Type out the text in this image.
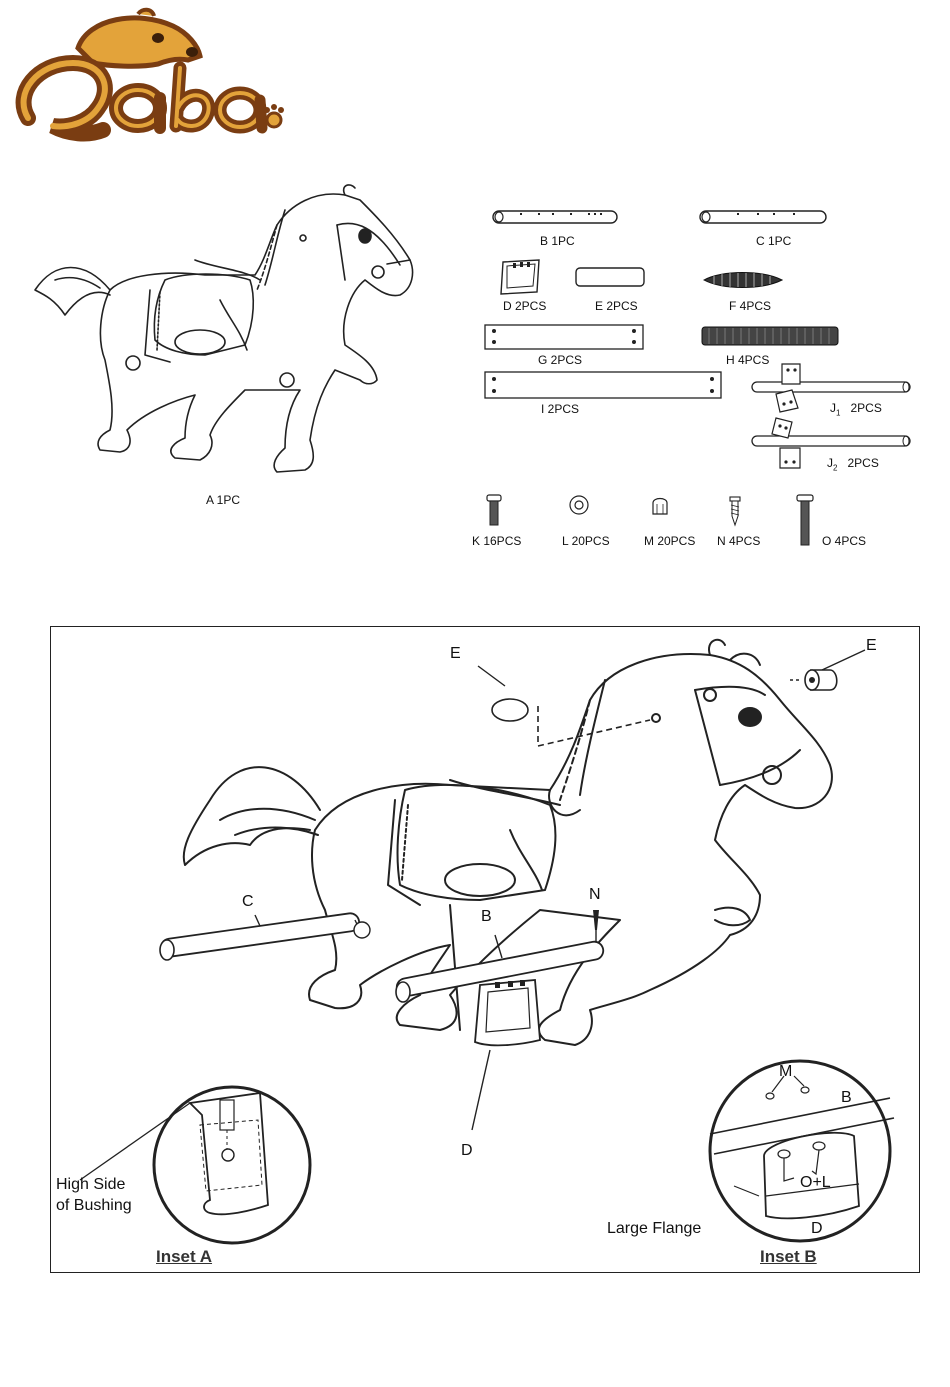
A 1PC
B 1PC	C 1PC
D 2PCS	E 2PCS	F 4PCS
G 2PCS	H 4PCS
I 2PCS	$J_1$ 2PCS
$J_2$ 2PCS
K 16PCS	L 20PCS	M 20PCS N 4PCS	O 4PCS
E	E
C
B
N
D
High Side
of Bushing
Inset A
M
B
O+L
D
Large Flange
Inset B
